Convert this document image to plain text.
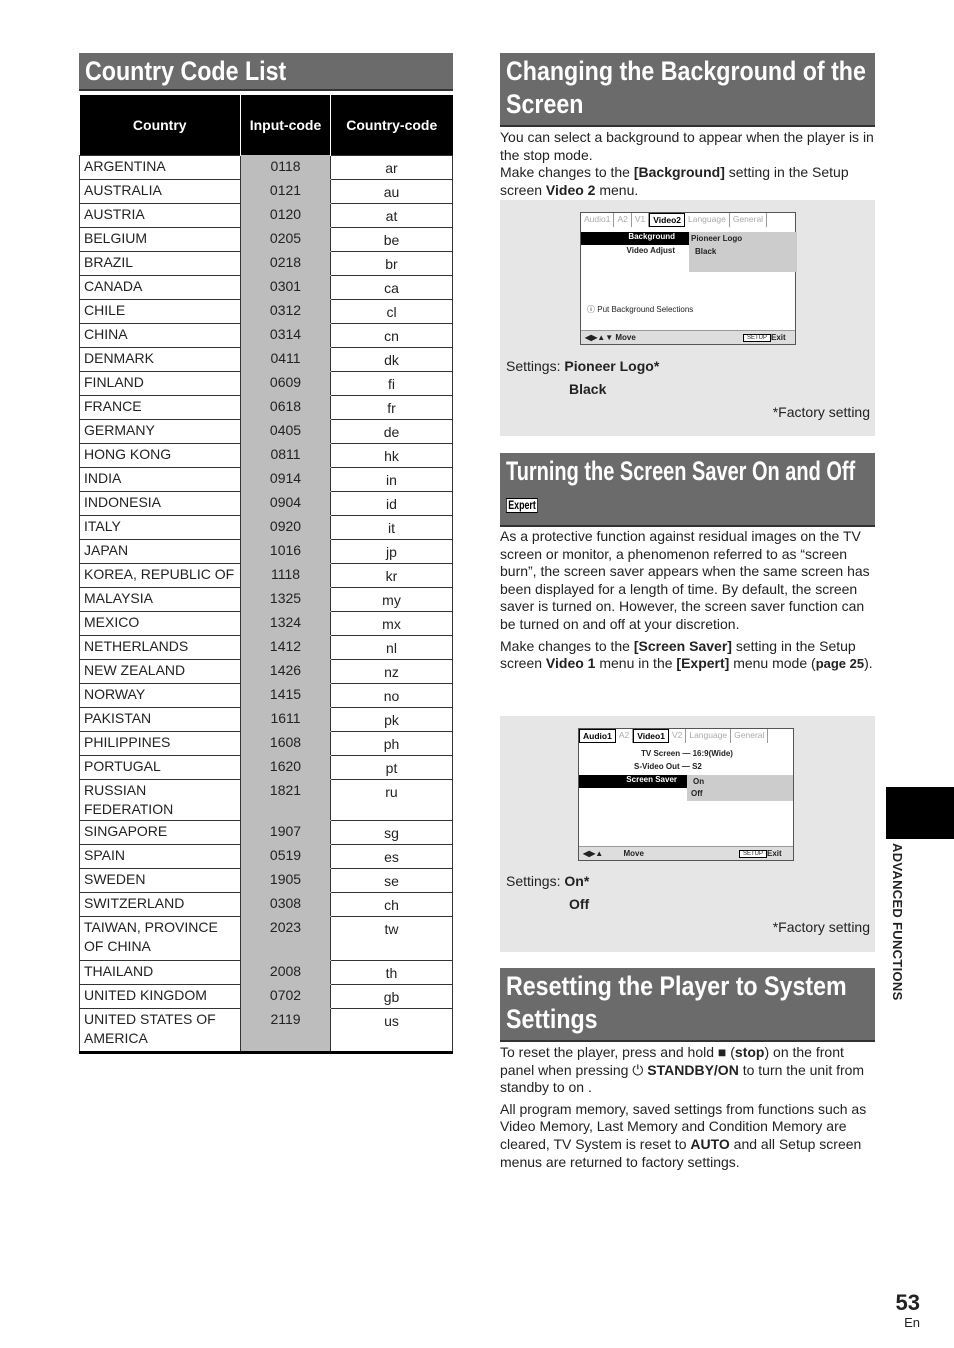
Country Code List
Country	Input-code	Country-code
ARGENTINA	0118	ar
AUSTRALIA	0121	au
AUSTRIA	0120	at
BELGIUM	0205	be
BRAZIL	0218	br
CANADA	0301	ca
CHILE	0312	cl
CHINA	0314	cn
DENMARK	0411	dk
FINLAND	0609	fi
FRANCE	0618	fr
GERMANY	0405	de
HONG KONG	0811	hk
INDIA	0914	in
INDONESIA	0904	id
ITALY	0920	it
JAPAN	1016	jp
KOREA, REPUBLIC OF	1118	kr
MALAYSIA	1325	my
MEXICO	1324	mx
NETHERLANDS	1412	nl
NEW ZEALAND	1426	nz
NORWAY	1415	no
PAKISTAN	1611	pk
PHILIPPINES	1608	ph
PORTUGAL	1620	pt
RUSSIAN FEDERATION	1821	ru
SINGAPORE	1907	sg
SPAIN	0519	es
SWEDEN	1905	se
SWITZERLAND	0308	ch
TAIWAN, PROVINCE OF CHINA	2023	tw
THAILAND	2008	th
UNITED KINGDOM	0702	gb
UNITED STATES OF AMERICA	2119	us
Changing the Background of the Screen

You can select a background to appear when the player is in the stop mode.

Make changes to the [Background] setting in the Setup screen Video 2 menu.

Audio1 A2 V1 Video2 Language General
Background
Video Adjust
Pioneer Logo
Black
ⓘ Put Background Selections
◀▶▲▼ Move	SETUP Exit
Settings: Pioneer Logo*
Black
*Factory setting
Turning the Screen Saver On and Off Expert

As a protective function against residual images on the TV screen or monitor, a phenomenon referred to as “screen burn”, the screen saver appears when the same screen has been displayed for a length of time. By default, the screen saver is turned on. However, the screen saver function can be turned on and off at your discretion.

Make changes to the [Screen Saver] setting in the Setup screen Video 1 menu in the [Expert] menu mode (page 25).

Audio1 A2 Video1 V2 Language General
TV Screen — 16:9(Wide)
S-Video Out — S2
Screen Saver	On
Off
◀▶▲	Move	SETUP Exit
Settings: On*
Off
*Factory setting
Resetting the Player to System Settings

To reset the player, press and hold ■ (stop) on the front panel when pressing ⏻ STANDBY/ON to turn the unit from standby to on .

All program memory, saved settings from functions such as Video Memory, Last Memory and Condition Memory are cleared, TV System is reset to AUTO and all Setup screen menus are returned to factory settings.

ADVANCED FUNCTIONS
53
En
